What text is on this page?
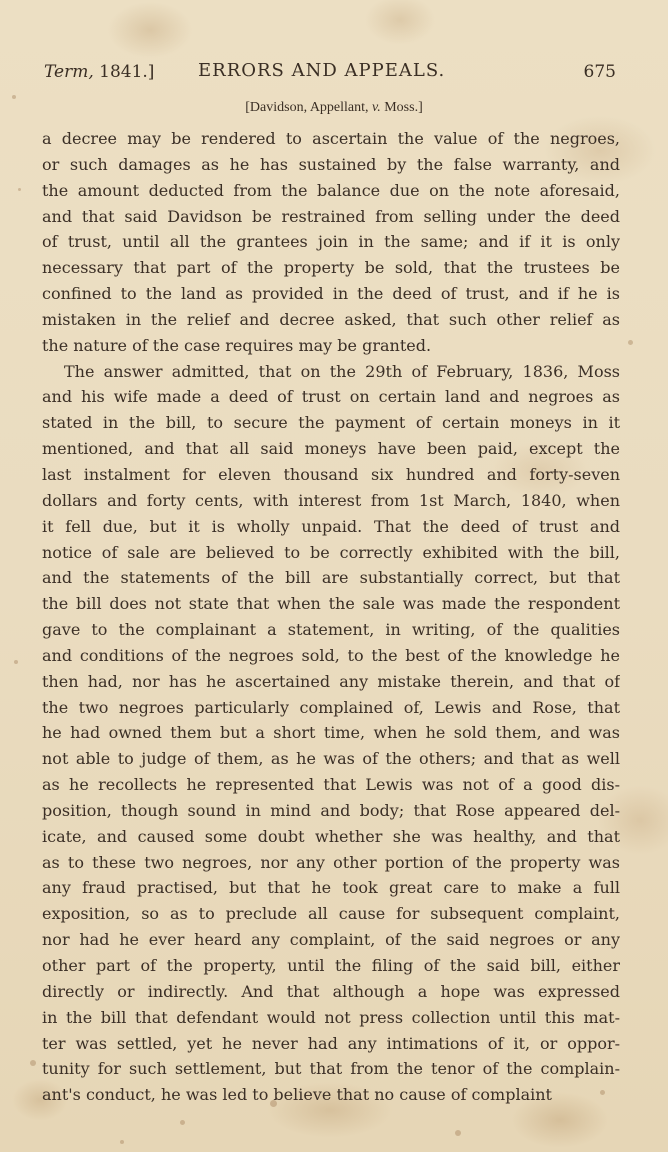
Term, 1841.] ERRORS AND APPEALS.	675
[Davidson, Appellant, v. Moss.]
a decree may be rendered to ascertain the value of the negroes,
or such damages as he has sustained by the false warranty, and
the amount deducted from the balance due on the note aforesaid,
and that said Davidson be restrained from selling under the deed
of trust, until all the grantees join in the same; and if it is only
necessary that part of the property be sold, that the trustees be
confined to the land as provided in the deed of trust, and if he is
mistaken in the relief and decree asked, that such other relief as
the nature of the case requires may be granted.
The answer admitted, that on the 29th of February, 1836, Moss
and his wife made a deed of trust on certain land and negroes as
stated in the bill, to secure the payment of certain moneys in it
mentioned, and that all said moneys have been paid, except the
last instalment for eleven thousand six hundred and forty-seven
dollars and forty cents, with interest from 1st March, 1840, when
it fell due, but it is wholly unpaid. That the deed of trust and
notice of sale are believed to be correctly exhibited with the bill,
and the statements of the bill are substantially correct, but that
the bill does not state that when the sale was made the respondent
gave to the complainant a statement, in writing, of the qualities
and conditions of the negroes sold, to the best of the knowledge he
then had, nor has he ascertained any mistake therein, and that of
the two negroes particularly complained of, Lewis and Rose, that
he had owned them but a short time, when he sold them, and was
not able to judge of them, as he was of the others; and that as well
as he recollects he represented that Lewis was not of a good dis-
position, though sound in mind and body; that Rose appeared del-
icate, and caused some doubt whether she was healthy, and that
as to these two negroes, nor any other portion of the property was
any fraud practised, but that he took great care to make a full
exposition, so as to preclude all cause for subsequent complaint,
nor had he ever heard any complaint, of the said negroes or any
other part of the property, until the filing of the said bill, either
directly or indirectly. And that although a hope was expressed
in the bill that defendant would not press collection until this mat-
ter was settled, yet he never had any intimations of it, or oppor-
tunity for such settlement, but that from the tenor of the complain-
ant's conduct, he was led to believe that no cause of complaint
